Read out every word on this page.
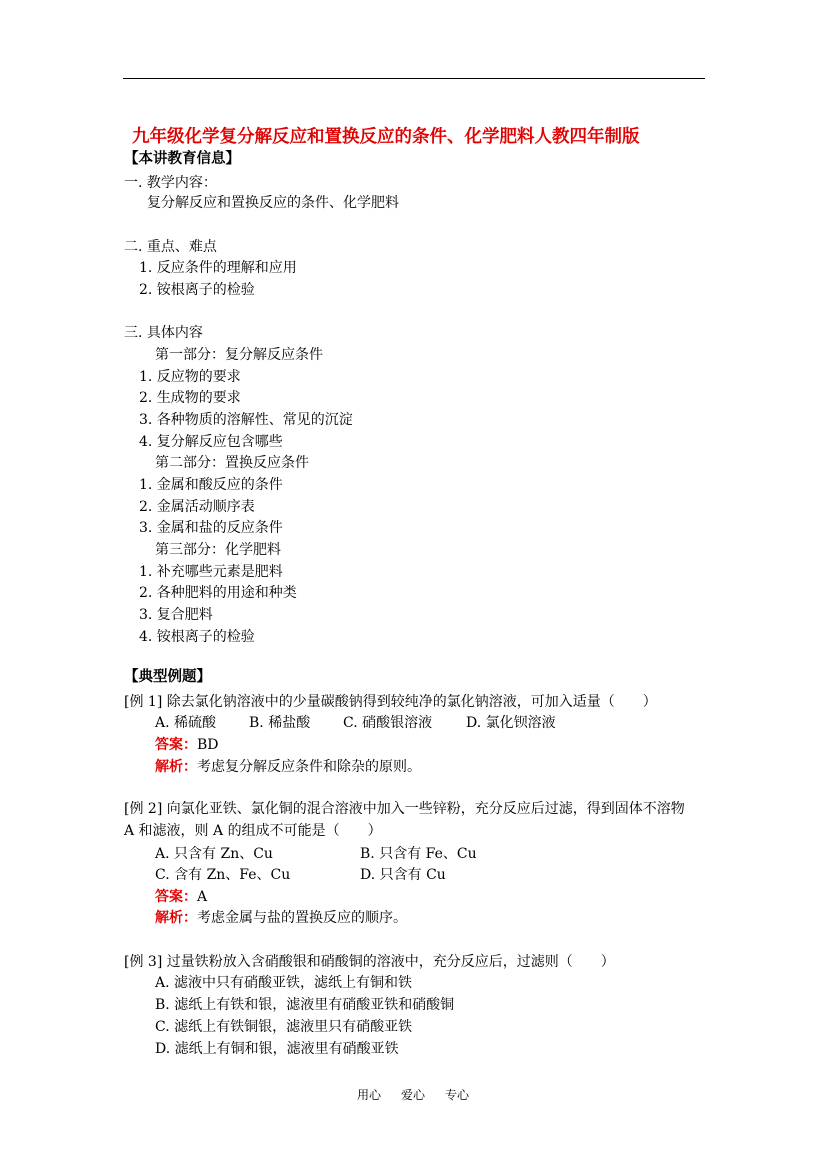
九年级化学复分解反应和置换反应的条件、化学肥料人教四年制版
【本讲教育信息】
一. 教学内容：
复分解反应和置换反应的条件、化学肥料
二. 重点、难点
1. 反应条件的理解和应用
2. 铵根离子的检验
三. 具体内容
第一部分：复分解反应条件
1. 反应物的要求
2. 生成物的要求
3. 各种物质的溶解性、常见的沉淀
4. 复分解反应包含哪些
第二部分：置换反应条件
1. 金属和酸反应的条件
2. 金属活动顺序表
3. 金属和盐的反应条件
第三部分：化学肥料
1. 补充哪些元素是肥料
2. 各种肥料的用途和种类
3. 复合肥料
4. 铵根离子的检验
【典型例题】
[例 1] 除去氯化钠溶液中的少量碳酸钠得到较纯净的氯化钠溶液，可加入适量（　　）
A. 稀硫酸 B. 稀盐酸 C. 硝酸银溶液 D. 氯化钡溶液
答案：BD
解析：考虑复分解反应条件和除杂的原则。
[例 2] 向氯化亚铁、氯化铜的混合溶液中加入一些锌粉，充分反应后过滤，得到固体不溶物
A 和滤液，则 A 的组成不可能是（　　）
A. 只含有 Zn、Cu	B. 只含有 Fe、Cu
C. 含有 Zn、Fe、Cu	D. 只含有 Cu
答案：A
解析：考虑金属与盐的置换反应的顺序。
[例 3] 过量铁粉放入含硝酸银和硝酸铜的溶液中，充分反应后，过滤则（　　）
A. 滤液中只有硝酸亚铁，滤纸上有铜和铁
B. 滤纸上有铁和银，滤液里有硝酸亚铁和硝酸铜
C. 滤纸上有铁铜银，滤液里只有硝酸亚铁
D. 滤纸上有铜和银，滤液里有硝酸亚铁
用心 爱心 专心
